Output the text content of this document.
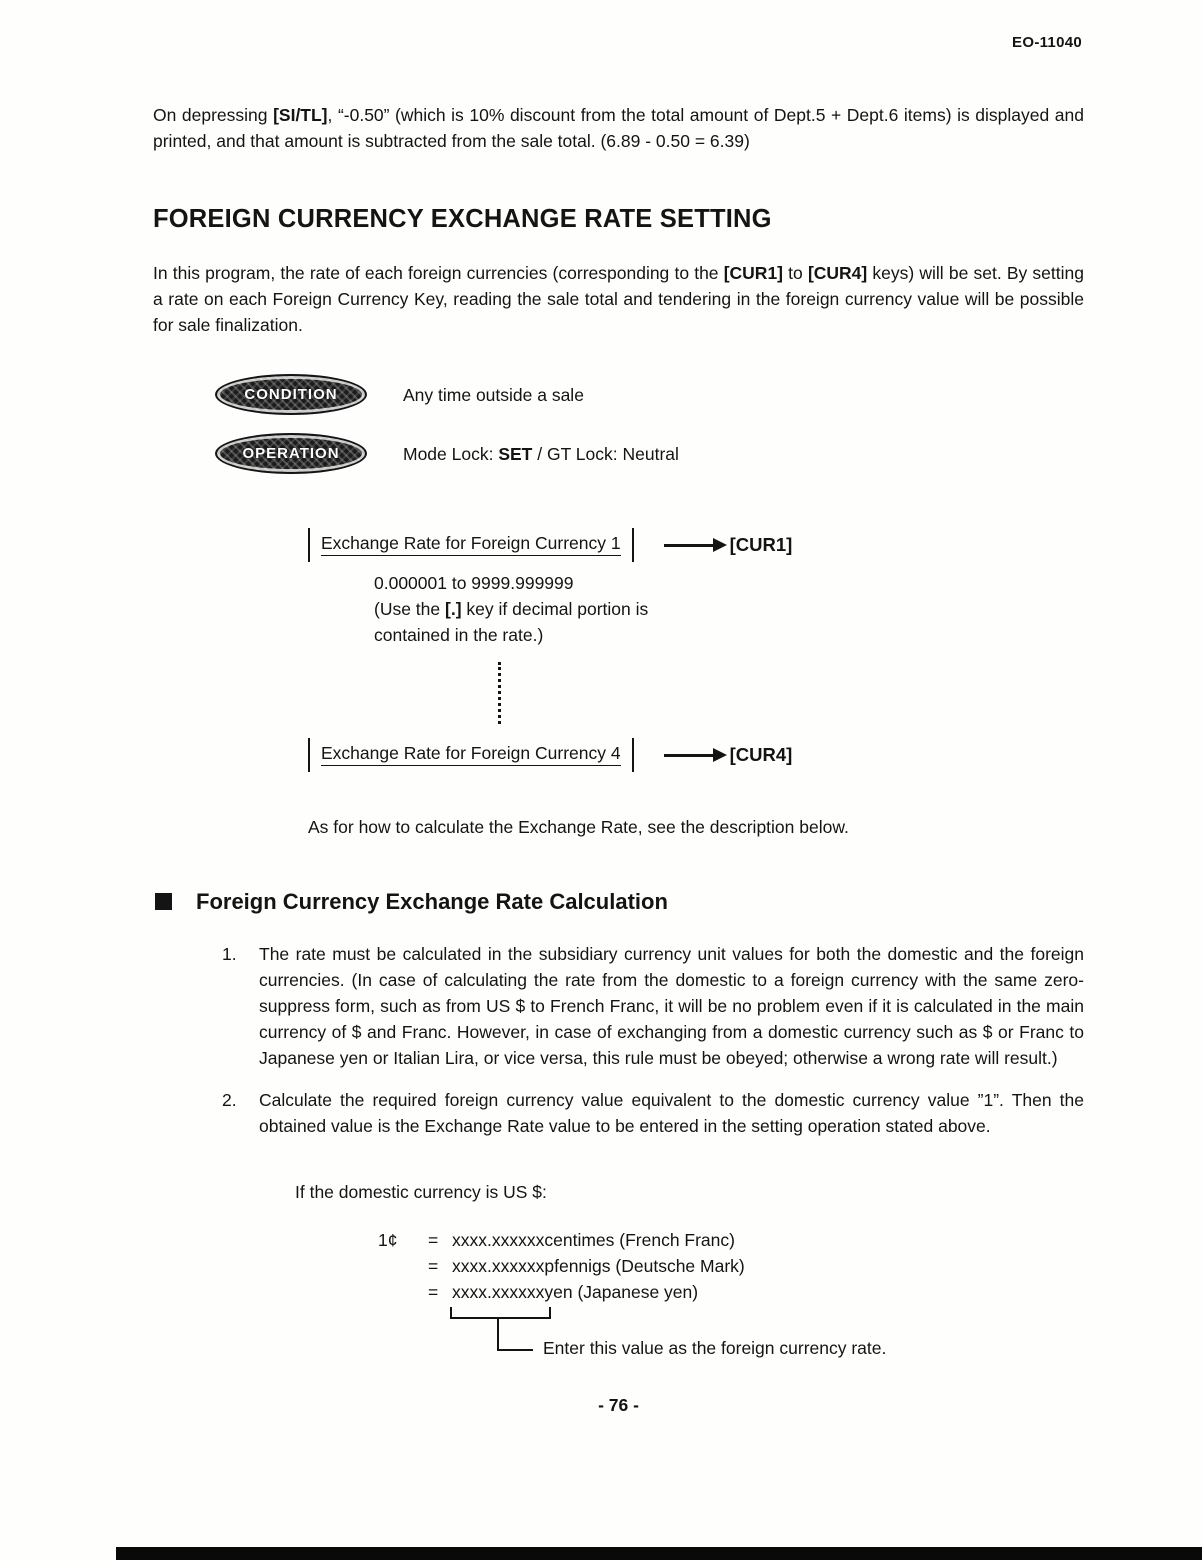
EO-11040

On depressing [SI/TL], “-0.50” (which is 10% discount from the total amount of Dept.5 + Dept.6 items) is displayed and printed, and that amount is subtracted from the sale total. (6.89 - 0.50 = 6.39)

FOREIGN CURRENCY EXCHANGE RATE SETTING

In this program, the rate of each foreign currencies (corresponding to the [CUR1] to [CUR4] keys) will be set. By setting a rate on each Foreign Currency Key, reading the sale total and tendering in the foreign currency value will be possible for sale finalization.

CONDITION	Any time outside a sale
OPERATION	Mode Lock: SET / GT Lock: Neutral
Exchange Rate for Foreign Currency 1	[CUR1]
0.000001 to 9999.999999
(Use the [.] key if decimal portion is
contained in the rate.)
Exchange Rate for Foreign Currency 4	[CUR4]

As for how to calculate the Exchange Rate, see the description below.

Foreign Currency Exchange Rate Calculation
1.	The rate must be calculated in the subsidiary currency unit values for both the domestic and the foreign currencies. (In case of calculating the rate from the domestic to a foreign currency with the same zero-suppress form, such as from US $ to French Franc, it will be no problem even if it is calculated in the main currency of $ and Franc. However, in case of exchanging from a domestic currency such as $ or Franc to Japanese yen or Italian Lira, or vice versa, this rule must be obeyed; otherwise a wrong rate will result.)

2.	Calculate the required foreign currency value equivalent to the domestic currency value ”1”. Then the obtained value is the Exchange Rate value to be entered in the setting operation stated above.

If the domestic currency is US $:

1¢	= xxxx.xxxxxx centimes (French Franc)
= xxxx.xxxxxx pfennigs (Deutsche Mark)
= xxxx.xxxxxx yen (Japanese yen)
Enter this value as the foreign currency rate.
- 76 -
